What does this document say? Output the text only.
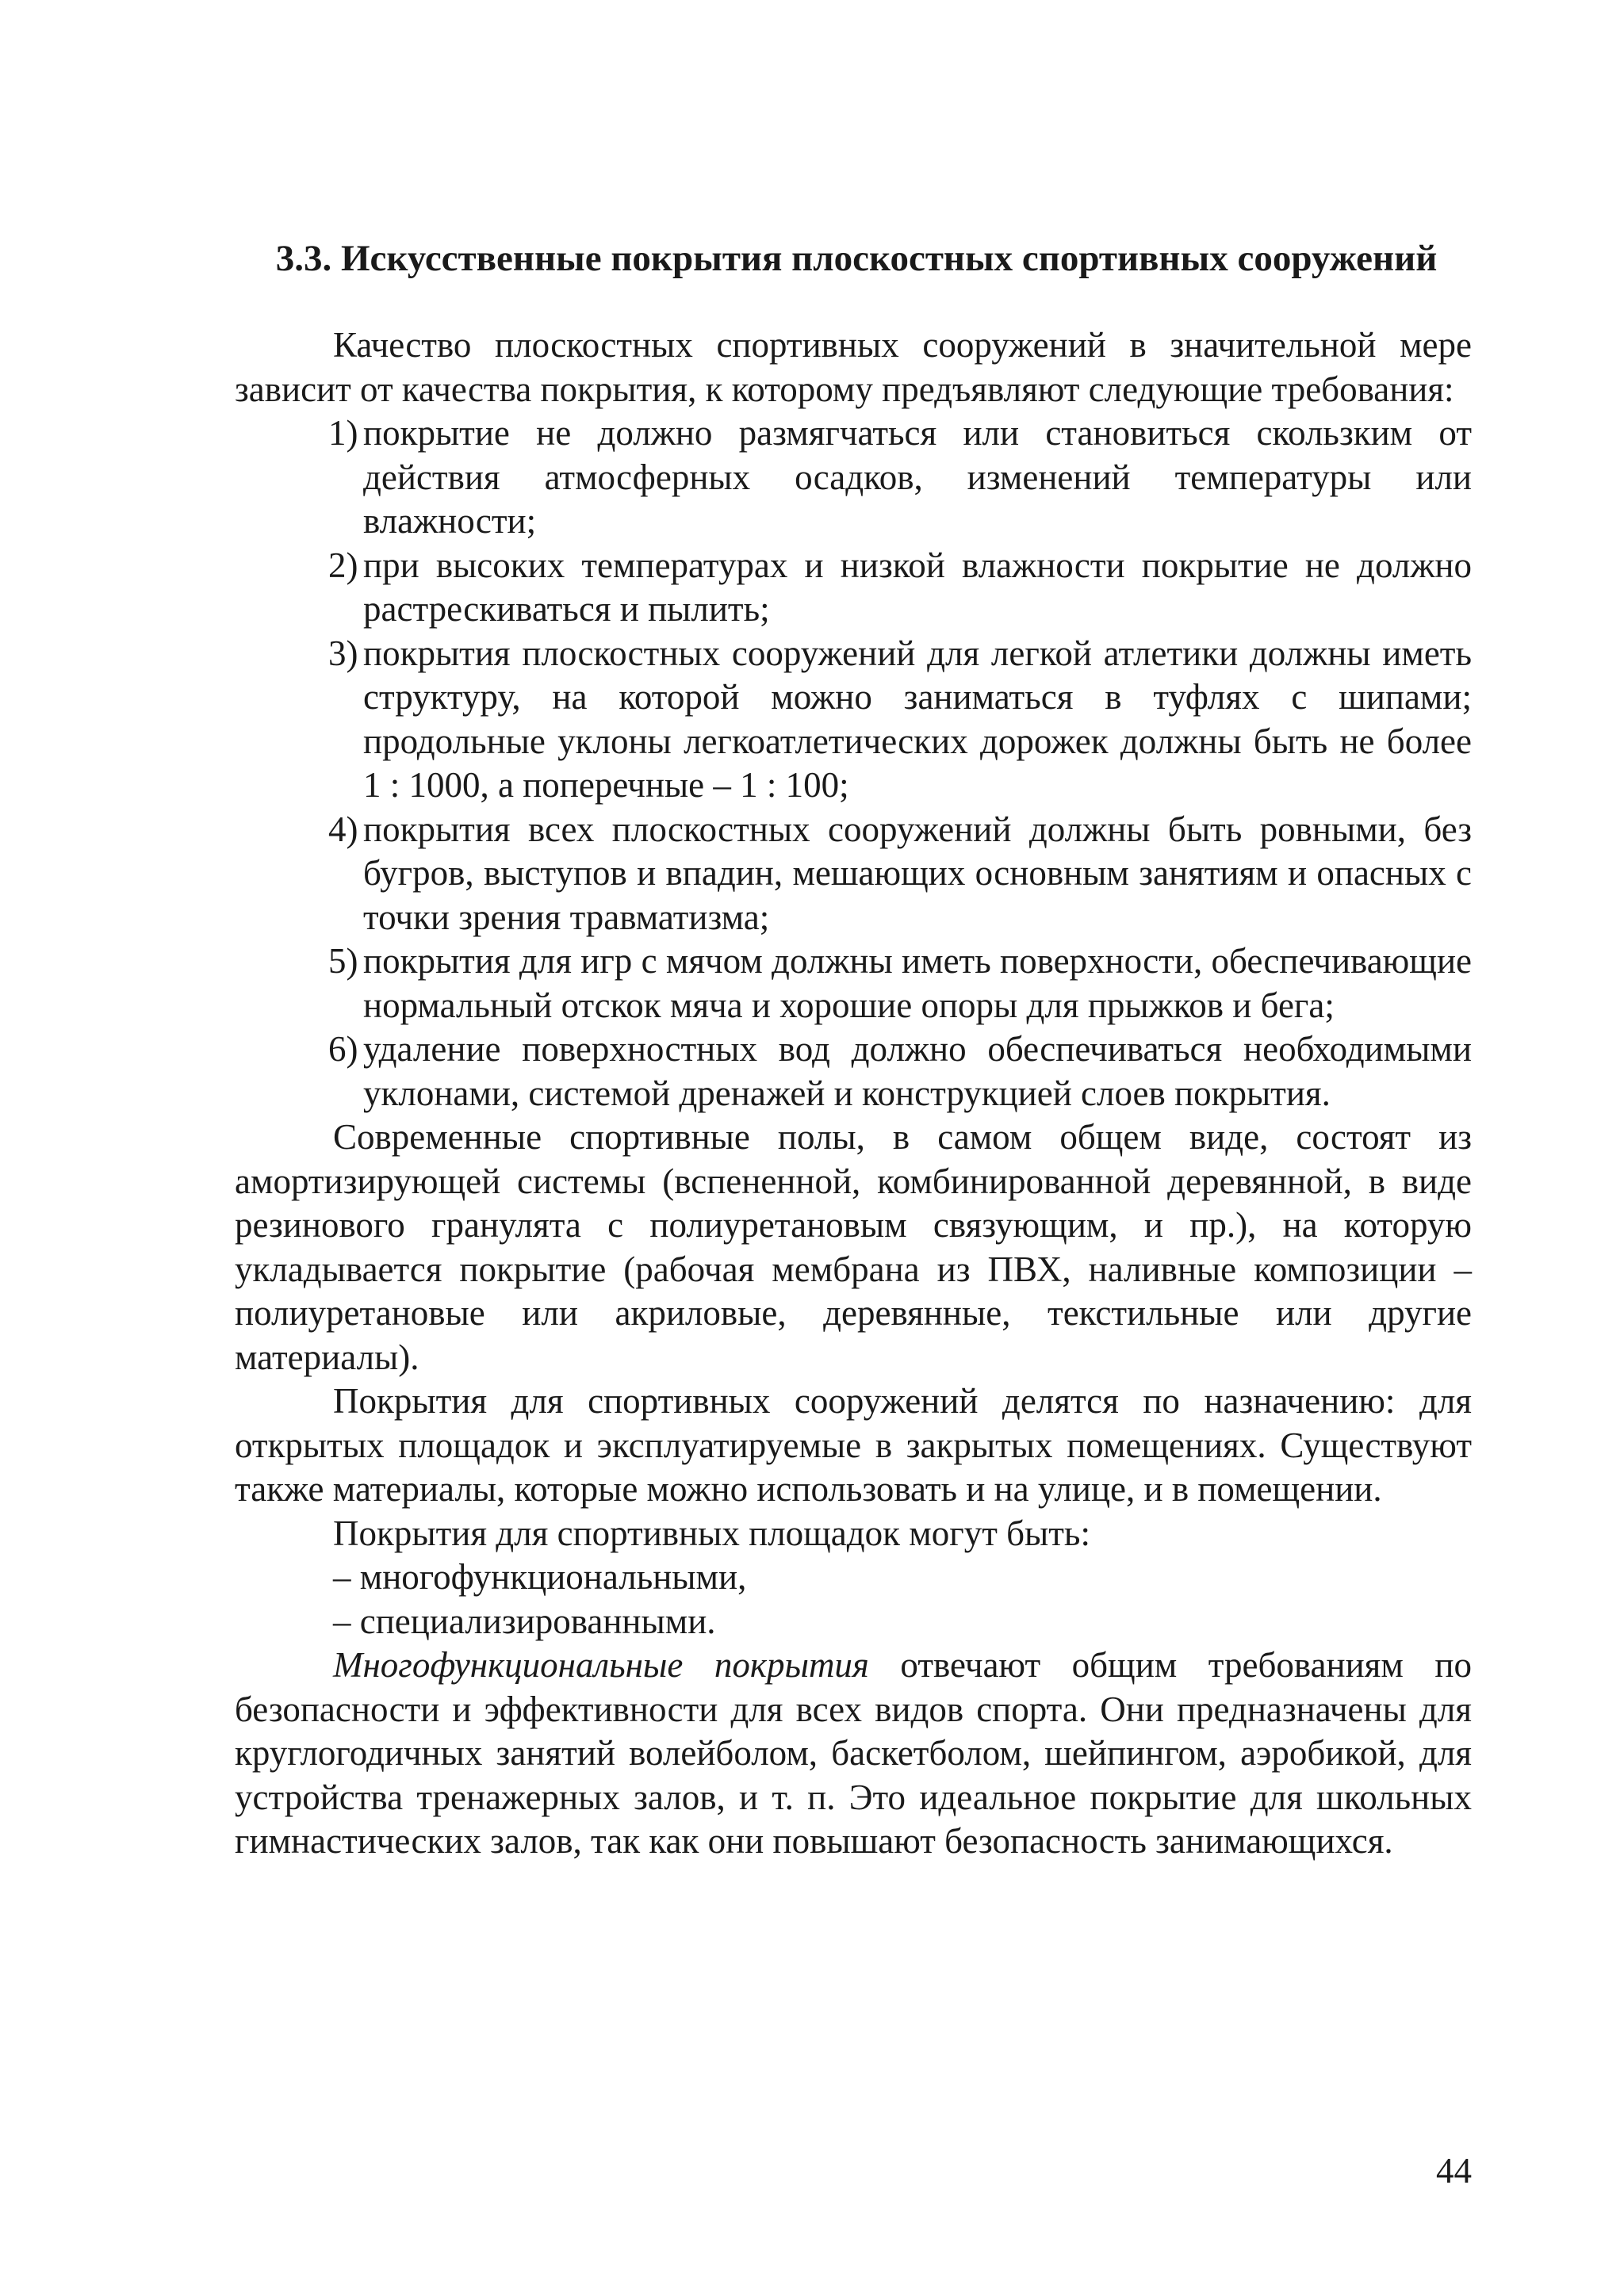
3.3. Искусственные покрытия плоскостных спортивных сооружений

Качество плоскостных спортивных сооружений в значительной мере зависит от качества покрытия, к которому предъявляют следующие требования:

1) покрытие не должно размягчаться или становиться скользким от действия атмосферных осадков, изменений температуры или влажности;
2) при высоких температурах и низкой влажности покрытие не должно растрескиваться и пылить;
3) покрытия плоскостных сооружений для легкой атлетики должны иметь структуру, на которой можно заниматься в туфлях с шипами; продольные уклоны легкоатлетических дорожек должны быть не более 1 : 1000, а поперечные – 1 : 100;
4) покрытия всех плоскостных сооружений должны быть ровными, без бугров, выступов и впадин, мешающих основным занятиям и опасных с точки зрения травматизма;
5) покрытия для игр с мячом должны иметь поверхности, обеспечивающие нормальный отскок мяча и хорошие опоры для прыжков и бега;
6) удаление поверхностных вод должно обеспечиваться необходимыми уклонами, системой дренажей и конструкцией слоев покрытия.

Современные спортивные полы, в самом общем виде, состоят из амортизирующей системы (вспененной, комбинированной деревянной, в виде резинового гранулята с полиуретановым связующим, и пр.), на которую укладывается покрытие (рабочая мембрана из ПВХ, наливные композиции – полиуретановые или акриловые, деревянные, текстильные или другие материалы).

Покрытия для спортивных сооружений делятся по назначению: для открытых площадок и эксплуатируемые в закрытых помещениях. Существуют также материалы, которые можно использовать и на улице, и в помещении.

Покрытия для спортивных площадок могут быть:

– многофункциональными,
– специализированными.

Многофункциональные покрытия отвечают общим требованиям по безопасности и эффективности для всех видов спорта. Они предназначены для круглогодичных занятий волейболом, баскетболом, шейпингом, аэробикой, для устройства тренажерных залов, и т. п. Это идеальное покрытие для школьных гимнастических залов, так как они повышают безопасность занимающихся.

44
